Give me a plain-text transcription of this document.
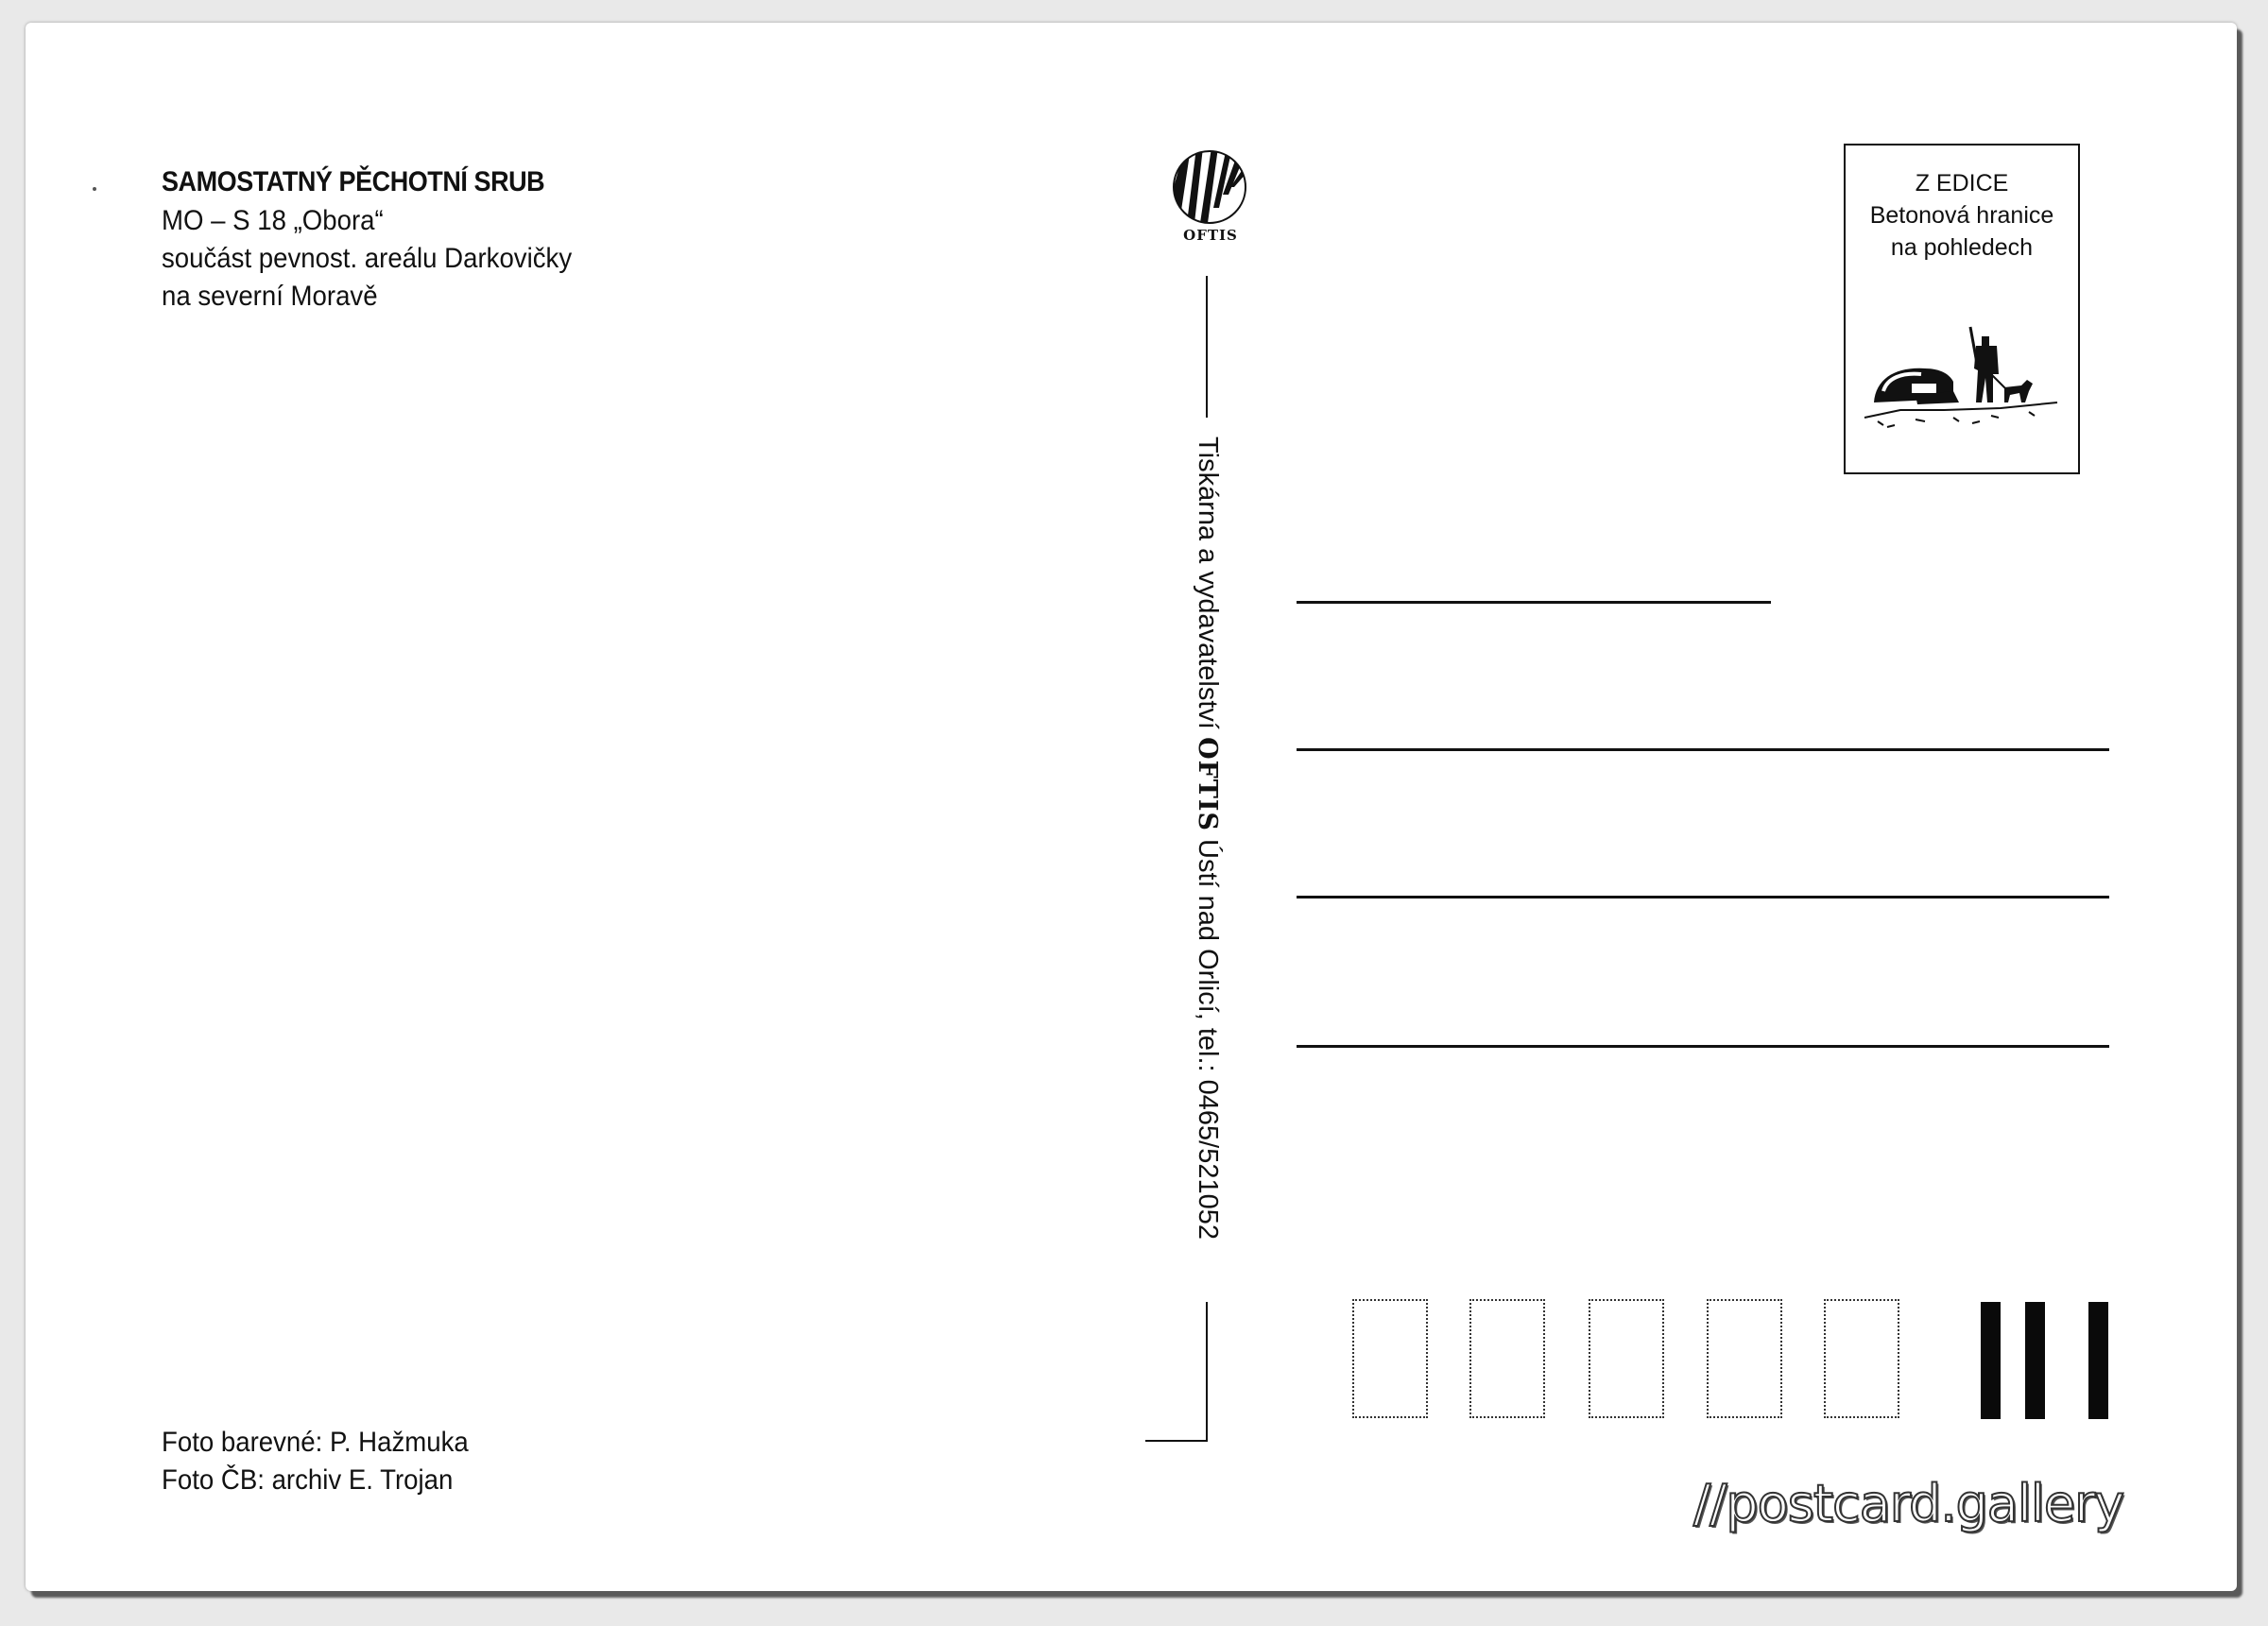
SAMOSTATNÝ PĚCHOTNÍ SRUB
MO – S 18 „Obora“
součást pevnost. areálu Darkovičky
na severní Moravě
Foto barevné: P. Hažmuka
Foto ČB: archiv E. Trojan
OFTIS
Tiskárna a vydavatelství OFTIS Ústí nad Orlicí, tel.: 0465/521052
Z EDICE
Betonová hranice
na pohledech
//postcard.gallery
